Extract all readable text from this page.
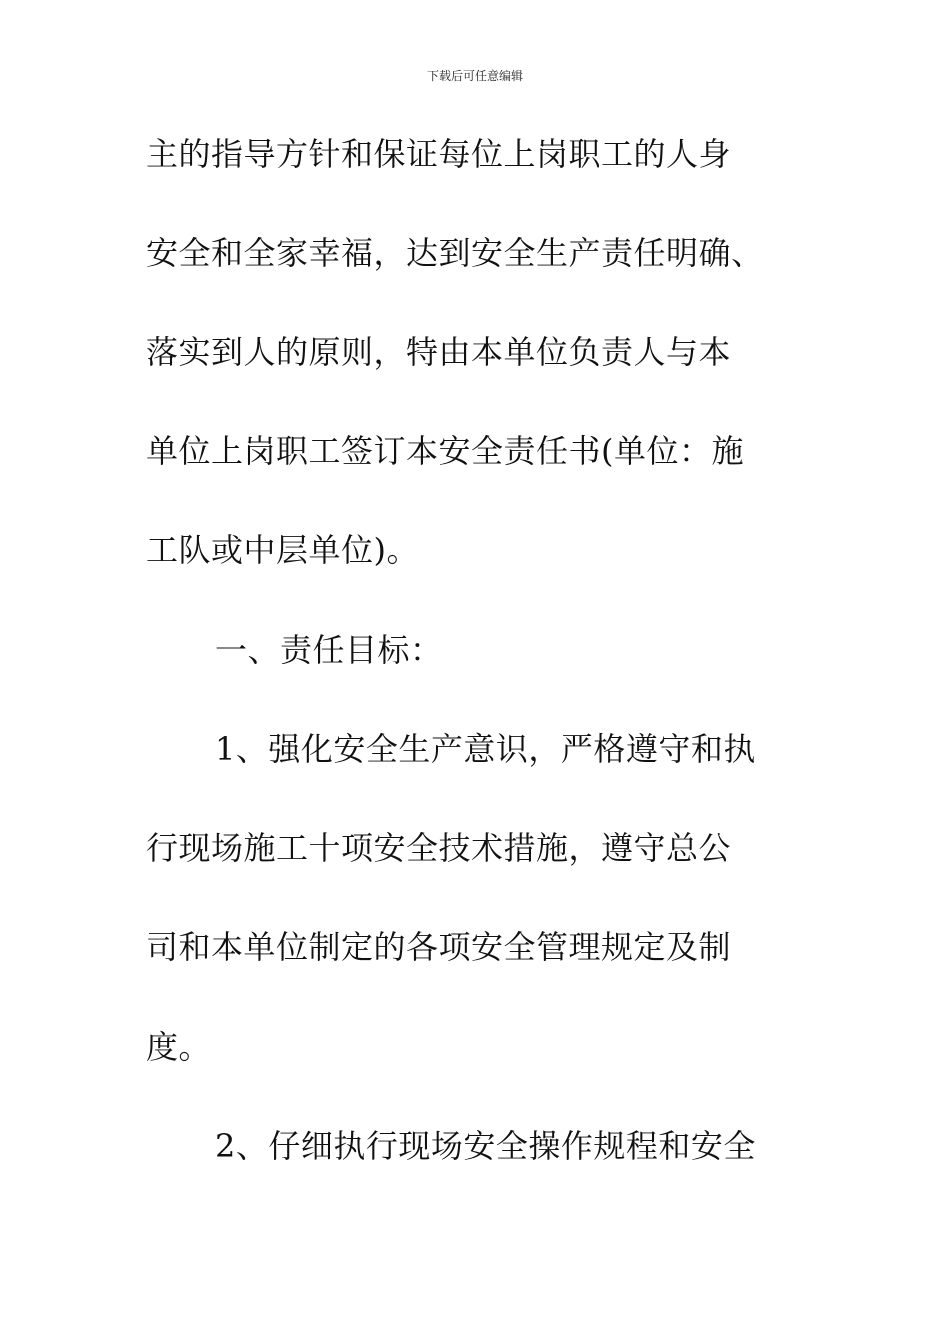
下载后可任意编辑
主的指导方针和保证每位上岗职工的人身
安全和全家幸福，达到安全生产责任明确、
落实到人的原则，特由本单位负责人与本
单位上岗职工签订本安全责任书(单位：施
工队或中层单位)。
一、责任目标：
1、强化安全生产意识，严格遵守和执
行现场施工十项安全技术措施，遵守总公
司和本单位制定的各项安全管理规定及制
度。
2、仔细执行现场安全操作规程和安全
